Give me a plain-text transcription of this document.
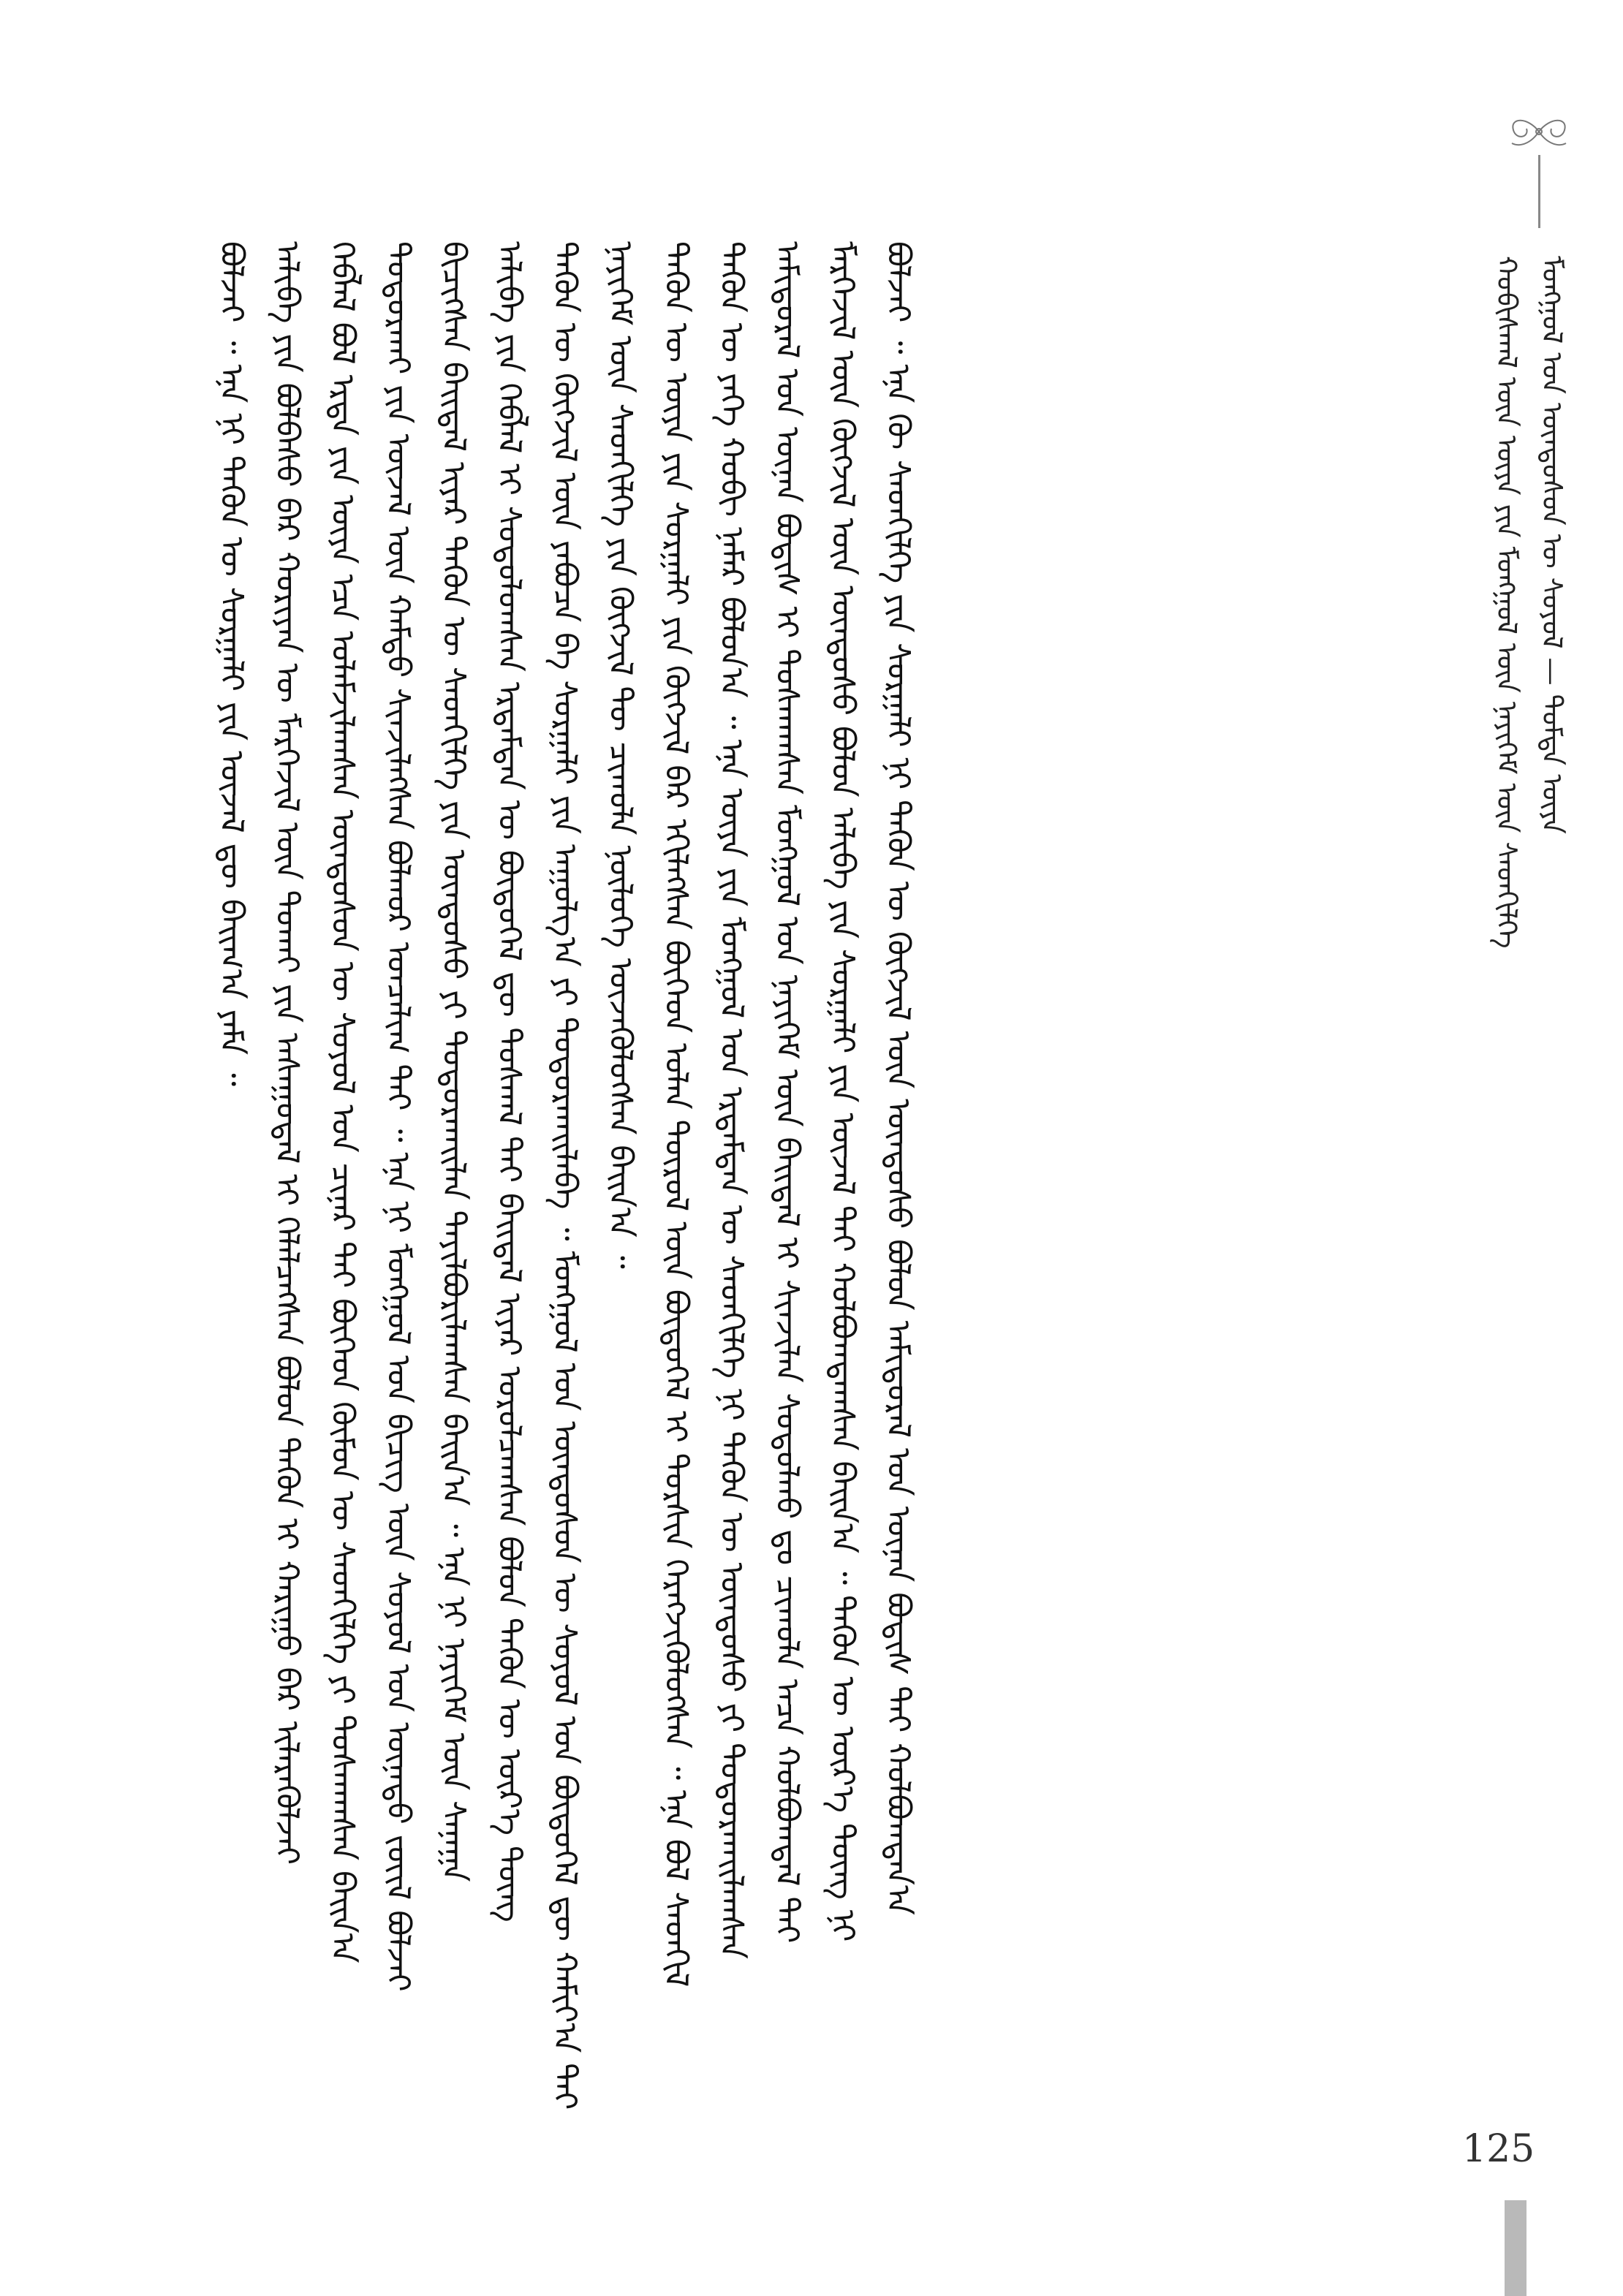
ᠬᠤᠪᠢᠰᠬᠠᠯ ᠦᠨ ᠦᠶᠡ ᠶᠢᠨ ᠮᠣᠩᠭᠣᠯ ᠦᠨ ᠨᠡᠶᠢᠭᠡᠮ ᠦᠨ ᠰᠡᠳᠬᠢᠯᠭᠡ ᠮᠣᠩᠭᠣᠯ ᠤᠨ ᠦᠨᠳᠦᠰᠦᠨ ᠦ ᠰᠤᠶᠤᠯ — ᠳᠤᠮᠳᠠ ᠦᠶᠡ
ᠪᠣᠯᠵᠠᠢ ᠃ ᠡᠨᠡ ᠨᠢ ᠲᠡᠭᠦᠨ ᠦ ᠰᠤᠷᠭᠠᠯᠢ ᠶᠢᠨ ᠦᠵᠡᠯ ᠳᠦ ᠪᠠᠢᠭ᠎ᠠ ᠶᠠᠮᠠ ᠃ ᠠᠯᠢᠪᠠ ᠶᠢᠨ ᠪᠣᠯᠪᠠᠰᠤ ᠪᠠᠷ ᠬᠣᠷᠢᠶᠠᠨ ᠦ ᠮᠡᠷᠭᠡᠵᠢᠯ ᠦᠨ ᠲᠤᠬᠠᠢ ᠶᠢᠨ ᠠᠰᠠᠭᠤᠳᠠᠯ ᠢ ᠬᠡᠯᠡᠯᠴᠡᠭᠰᠡᠨ ᠪᠣᠯᠤᠨ ᠲᠡᠭᠦᠨ ᠢ ᠬᠠᠷᠢᠭᠤ ᠪᠡᠷ ᠢᠯᠡᠷᠡᠭᠦᠯᠵᠡᠢ ᠬᠡᠪᠯᠡᠯ ᠪᠣᠯ ᠡᠷᠲᠡ ᠶᠢᠨ ᠦᠶᠡ ᠡᠴᠡ ᠤᠯᠠᠮᠵᠢᠯᠠᠭᠰᠠᠨ ᠦᠨᠳᠦᠰᠦᠨ ᠦ ᠰᠤᠶᠤᠯ ᠤᠨ ᠴᠢᠨᠠᠷ ᠲᠠᠢ ᠪᠥᠭᠡᠳ ᠬᠦᠮᠦᠨ ᠦ ᠰᠡᠳᠬᠢᠯᠭᠡ ᠶᠢ ᠲᠤᠰᠬᠠᠭᠰᠠᠨ ᠪᠠᠢᠨ᠎ᠠ ᠲᠣᠳᠣᠷᠬᠠᠢ ᠶᠢᠨ ᠦᠵᠡᠯ ᠦᠨ ᠬᠠᠮᠲᠤ ᠰᠢᠨᠵᠢᠯᠡᠭᠰᠡᠨ ᠪᠣᠯᠬᠣᠷ ᠣᠨᠴᠠᠯᠢᠭ ᠲᠠᠢ ᠃ ᠡᠨᠡ ᠨᠢ ᠮᠣᠩᠭᠣᠯ ᠤᠨ ᠪᠢᠴᠢᠭ ᠦᠨ ᠰᠤᠶᠤᠯ ᠤᠨ ᠦᠨᠡᠲᠦ ᠵᠦᠢᠯ ᠪᠣᠯᠵᠠᠢ ᠪᠢᠴᠢᠭᠰᠡᠨ ᠪᠠᠢᠳᠠᠯ ᠢᠶᠠᠷ ᠲᠡᠭᠦᠨ ᠦ ᠰᠡᠳᠬᠢᠯᠭᠡ ᠶᠢᠨ ᠦᠨᠳᠦᠰᠦ ᠶᠢ ᠲᠣᠳᠣᠷᠬᠠᠢᠯᠠᠨ ᠲᠠᠶᠢᠯᠪᠤᠷᠢᠯᠠᠭᠰᠠᠨ ᠪᠠᠢᠨ᠎ᠠ ᠃ ᠡᠨᠡ ᠨᠢ ᠨᠡᠶᠢᠭᠡᠮ ᠦᠨ ᠰᠠᠨᠠᠭᠠ ᠠᠯᠢᠪᠠ ᠶᠢᠨ ᠬᠡᠪᠯᠡᠯ ᠢ ᠰᠤᠳᠤᠯᠤᠭᠰᠠᠨ ᠡᠷᠳᠡᠮᠲᠡᠨ ᠦ ᠪᠦᠲᠦᠭᠡᠯ ᠳᠦ ᠲᠤᠰᠬᠠᠯ ᠲᠠᠢ ᠪᠠᠢᠳᠠᠯ ᠢᠶᠠᠷ ᠣᠷᠣᠯᠴᠠᠭᠰᠠᠨ ᠪᠣᠯᠤᠨ ᠲᠡᠭᠦᠨ ᠦ ᠦᠷ᠎ᠡ ᠳᠦᠩ ᠲᠡᠭᠦᠨ ᠦ ᠬᠥᠭᠵᠢᠯ ᠦᠨ ᠶᠠᠪᠤᠴᠠ ᠪᠠ ᠰᠤᠷᠭᠠᠯᠢ ᠶᠢᠨ ᠠᠭᠤᠯᠭ᠎ᠠ ᠶᠢ ᠲᠣᠳᠣᠷᠬᠠᠢᠯᠠᠪᠠ ᠃ ᠮᠣᠩᠭᠣᠯ ᠤᠨ ᠦᠨᠳᠦᠰᠦᠨ ᠦ ᠰᠤᠶᠤᠯ ᠤᠨ ᠪᠦᠲᠦᠭᠡᠯ ᠳᠦ ᠬᠠᠮᠢᠶ᠎ᠠ ᠲᠠᠢ ᠨᠡᠶᠢᠭᠡᠮ ᠦᠨ ᠰᠡᠳᠬᠢᠯᠭᠡ ᠶᠢᠨ ᠬᠥᠭᠵᠢᠯ ᠲᠦ ᠴᠢᠬᠤᠯᠠ ᠨᠥᠯᠦᠭᠡ ᠦᠵᠡᠭᠦᠯᠦᠭᠰᠡᠨ ᠪᠠᠢᠨ᠎ᠠ ᠃ ᠲᠡᠭᠦᠨ ᠦ ᠦᠶᠡ ᠶᠢᠨ ᠰᠤᠷᠭᠠᠯᠢ ᠶᠢᠨ ᠬᠥᠭᠵᠢᠯ ᠪᠠᠷ ᠡᠬᠢᠯᠡᠭᠰᠡᠨ ᠪᠥᠭᠡᠳ ᠣᠯᠠᠨ ᠲᠥᠷᠦᠯ ᠦᠨ ᠪᠦᠲᠦᠭᠡᠯ ᠢ ᠲᠤᠷᠰᠢᠨ ᠬᠡᠷᠡᠭᠵᠢᠭᠦᠯᠦᠭᠰᠡᠨ ᠃ ᠡᠨᠡ ᠪᠣᠯ ᠰᠡᠳᠬᠢᠯ ᠲᠡᠭᠦᠨ ᠦ ᠶᠡᠬᠡ ᠬᠤᠪᠢ ᠨᠡᠮᠡᠷ ᠪᠣᠯᠤᠨ᠎ᠠ ᠃ ᠡᠨᠡ ᠦᠶᠡ ᠶᠢᠨ ᠮᠣᠩᠭᠣᠯ ᠤᠨ ᠡᠷᠳᠡᠮᠲᠡᠨ ᠦ ᠰᠡᠳᠬᠢᠯᠭᠡ ᠨᠢ ᠲᠡᠭᠦᠨ ᠦ ᠦᠨᠳᠦᠰᠦ ᠶᠢ ᠲᠣᠳᠣᠷᠬᠠᠢᠯᠠᠭᠰᠠᠨ ᠠᠮᠢᠳᠤᠷᠠᠯ ᠤᠨ ᠦᠨᠡᠨ ᠪᠣᠳᠢᠰ ᠢ ᠲᠤᠰᠬᠠᠭᠰᠠᠨ ᠮᠣᠩᠭᠣᠯ ᠤᠨ ᠨᠡᠶᠢᠭᠡᠮ ᠦᠨ ᠪᠠᠢᠳᠠᠯ ᠢ ᠰᠢᠨᠵᠢᠯᠡᠨ ᠰᠤᠳᠤᠯᠬᠤ ᠳᠤ ᠴᠢᠬᠤᠯᠠ ᠠᠴᠠ ᠬᠣᠯᠪᠣᠭᠳᠠᠯ ᠲᠠᠢ ᠮᠡᠷᠭᠡᠵᠢᠯ ᠦᠨ ᠬᠥᠭᠵᠢᠯ ᠦᠨ ᠦᠨᠳᠦᠰᠦ ᠪᠣᠯᠤᠨ ᠠᠯᠢᠪᠠ ᠶᠢᠨ ᠰᠤᠷᠭᠠᠯᠢ ᠶᠢᠨ ᠦᠵᠡᠯ ᠲᠡᠢ ᠬᠣᠯᠪᠣᠭᠳᠠᠭᠰᠠᠨ ᠪᠠᠢᠨ᠎ᠠ ᠃ ᠲᠡᠭᠦᠨ ᠦ ᠦᠷ᠎ᠡ ᠳᠦᠩ ᠨᠢ ᠪᠣᠯᠵᠠᠢ ᠃ ᠡᠨᠡ ᠬᠦ ᠰᠡᠳᠬᠢᠯᠭᠡ ᠶᠢᠨ ᠰᠤᠷᠭᠠᠯᠢ ᠨᠢ ᠲᠡᠭᠦᠨ ᠦ ᠬᠥᠭᠵᠢᠯ ᠦᠨ ᠦᠨᠳᠦᠰᠦ ᠪᠣᠯᠤᠨ ᠠᠮᠢᠳᠤᠷᠠᠯ ᠤᠨ ᠦᠨᠡᠨ ᠪᠣᠳᠢᠰ ᠲᠠᠢ ᠬᠣᠯᠪᠣᠭᠳᠠᠨ᠎ᠠ
125
